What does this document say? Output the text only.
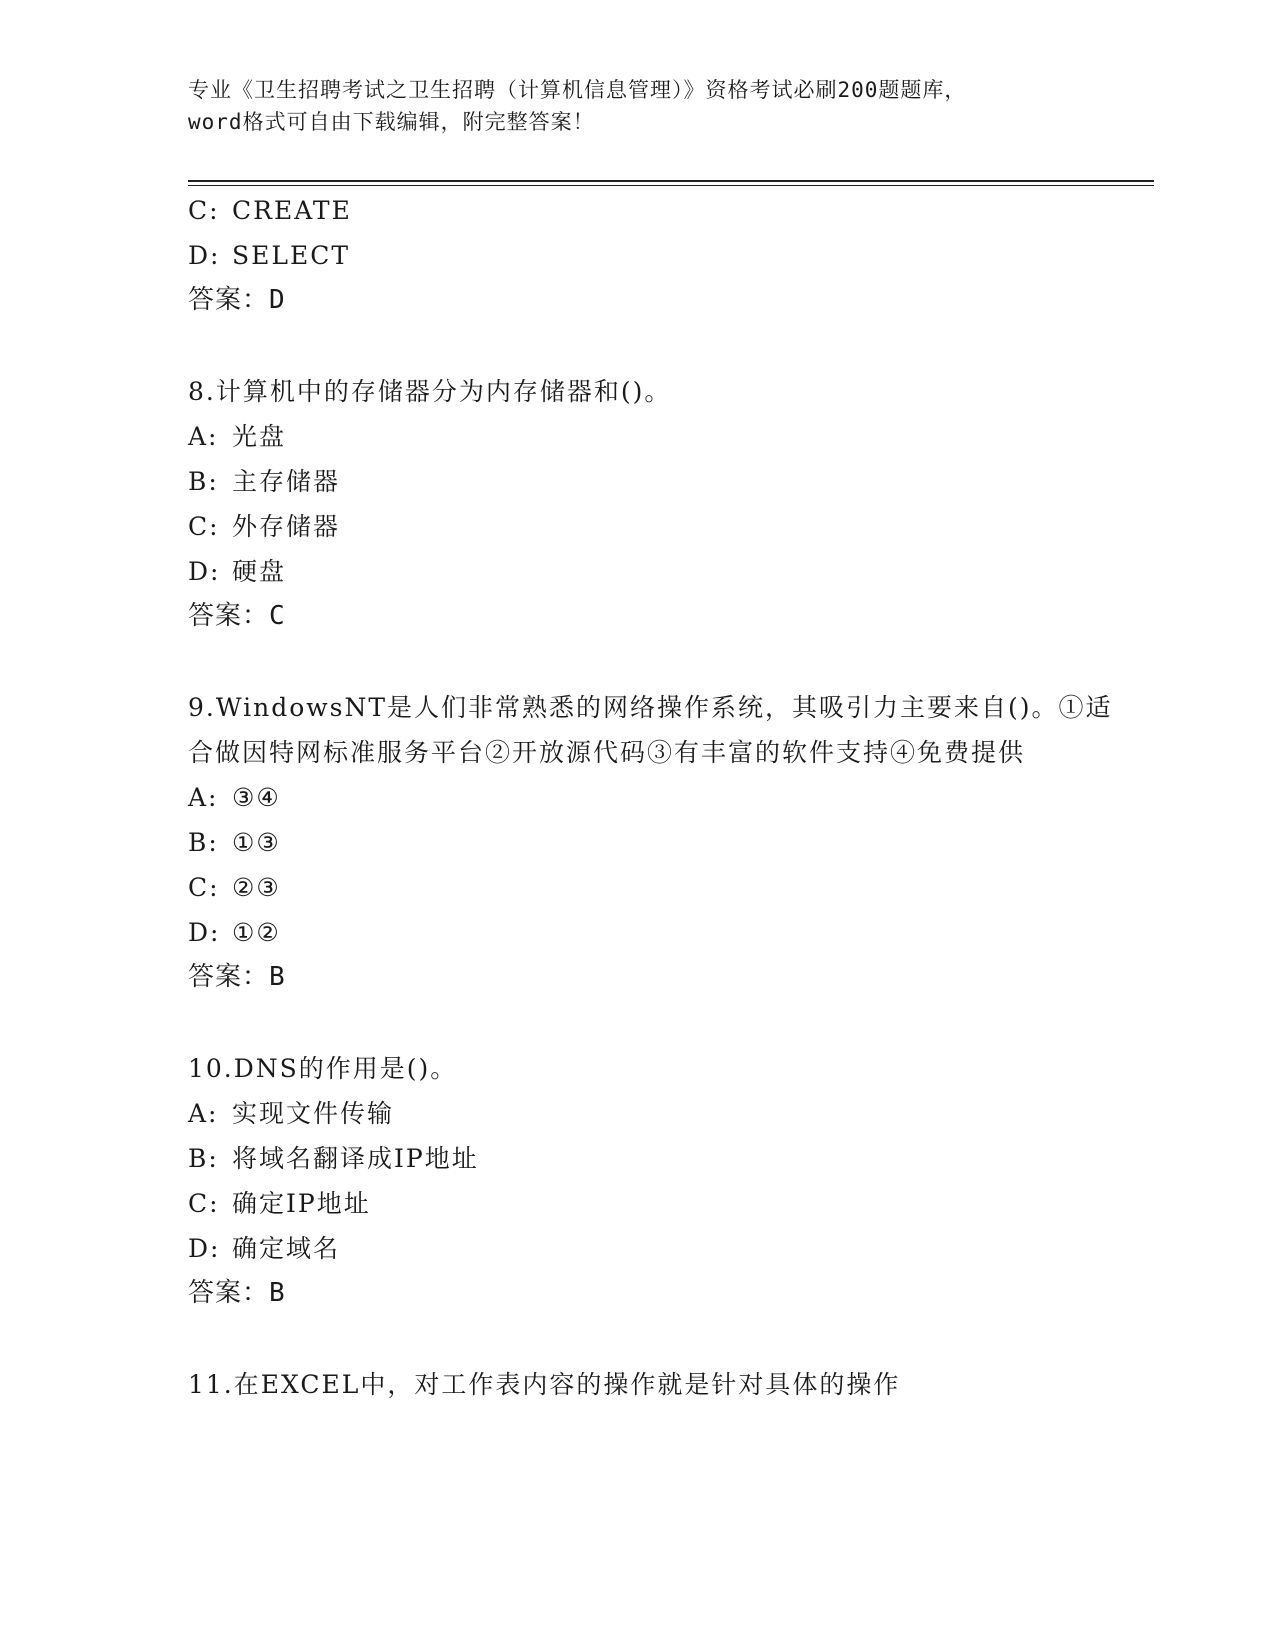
专业《卫生招聘考试之卫生招聘（计算机信息管理）》资格考试必刷200题题库，
word格式可自由下载编辑，附完整答案！
C: CREATE
D: SELECT
答案：D
8.计算机中的存储器分为内存储器和()。
A: 光盘
B: 主存储器
C: 外存储器
D: 硬盘
答案：C
9.WindowsNT是人们非常熟悉的网络操作系统，其吸引力主要来自()。①适合做因特网标准服务平台②开放源代码③有丰富的软件支持④免费提供
A: ③④
B: ①③
C: ②③
D: ①②
答案：B
10.DNS的作用是()。
A: 实现文件传输
B: 将域名翻译成IP地址
C: 确定IP地址
D: 确定域名
答案：B
11.在EXCEL中，对工作表内容的操作就是针对具体的操作
